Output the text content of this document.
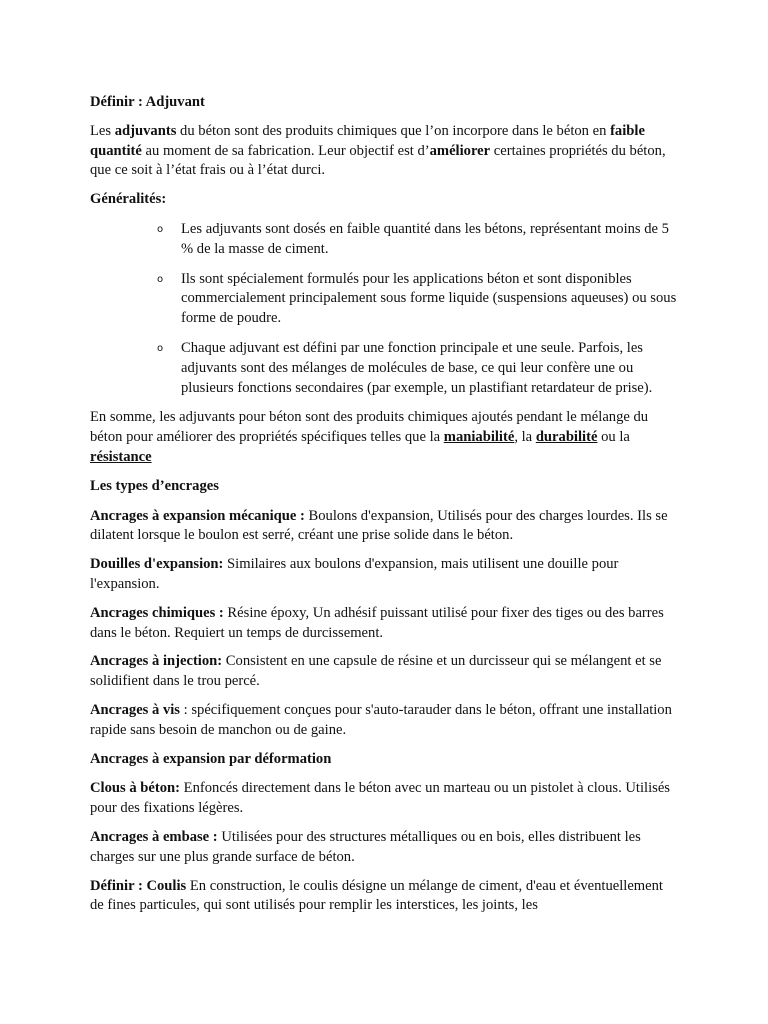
Définir : Adjuvant

Les adjuvants du béton sont des produits chimiques que l’on incorpore dans le béton en faible quantité au moment de sa fabrication. Leur objectif est d’améliorer certaines propriétés du béton, que ce soit à l’état frais ou à l’état durci.

Généralités:

o Les adjuvants sont dosés en faible quantité dans les bétons, représentant moins de 5 % de la masse de ciment.
o Ils sont spécialement formulés pour les applications béton et sont disponibles commercialement principalement sous forme liquide (suspensions aqueuses) ou sous forme de poudre.
o Chaque adjuvant est défini par une fonction principale et une seule. Parfois, les adjuvants sont des mélanges de molécules de base, ce qui leur confère une ou plusieurs fonctions secondaires (par exemple, un plastifiant retardateur de prise).

En somme, les adjuvants pour béton sont des produits chimiques ajoutés pendant le mélange du béton pour améliorer des propriétés spécifiques telles que la maniabilité, la durabilité ou la résistance

Les types d’encrages

Ancrages à expansion mécanique : Boulons d'expansion, Utilisés pour des charges lourdes. Ils se dilatent lorsque le boulon est serré, créant une prise solide dans le béton.

Douilles d'expansion: Similaires aux boulons d'expansion, mais utilisent une douille pour l'expansion.

Ancrages chimiques : Résine époxy, Un adhésif puissant utilisé pour fixer des tiges ou des barres dans le béton. Requiert un temps de durcissement.

Ancrages à injection: Consistent en une capsule de résine et un durcisseur qui se mélangent et se solidifient dans le trou percé.

Ancrages à vis : spécifiquement conçues pour s'auto-tarauder dans le béton, offrant une installation rapide sans besoin de manchon ou de gaine.

Ancrages à expansion par déformation

Clous à béton: Enfoncés directement dans le béton avec un marteau ou un pistolet à clous. Utilisés pour des fixations légères.

Ancrages à embase : Utilisées pour des structures métalliques ou en bois, elles distribuent les charges sur une plus grande surface de béton.

Définir : Coulis En construction, le coulis désigne un mélange de ciment, d'eau et éventuellement de fines particules, qui sont utilisés pour remplir les interstices, les joints, les
